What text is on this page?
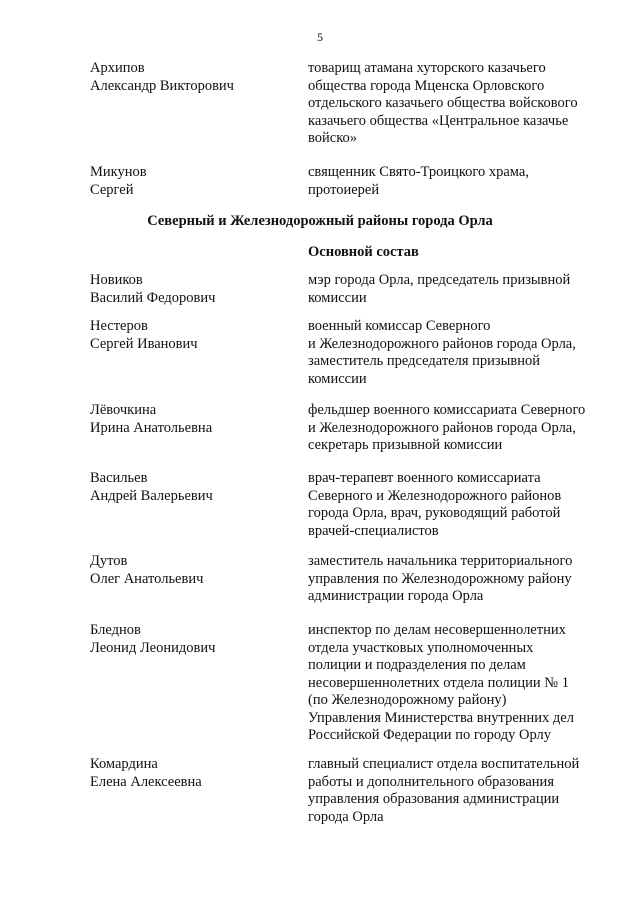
5
Архипов
Александр Викторович
товарищ атамана хуторского казачьего
общества города Мценска Орловского
отдельского казачьего общества войскового
казачьего общества «Центральное казачье
войско»
Микунов
Сергей
священник Свято-Троицкого храма,
протоиерей
Северный и Железнодорожный районы города Орла
Основной состав
Новиков
Василий Федорович
мэр города Орла, председатель призывной
комиссии
Нестеров
Сергей Иванович
военный комиссар Северного
и Железнодорожного районов города Орла,
заместитель председателя призывной
комиссии
Лёвочкина
Ирина Анатольевна
фельдшер военного комиссариата Северного
и Железнодорожного районов города Орла,
секретарь призывной комиссии
Васильев
Андрей Валерьевич
врач-терапевт военного комиссариата
Северного и Железнодорожного районов
города Орла, врач, руководящий работой
врачей-специалистов
Дутов
Олег Анатольевич
заместитель начальника территориального
управления по Железнодорожному району
администрации города Орла
Бледнов
Леонид Леонидович
инспектор по делам несовершеннолетних
отдела участковых уполномоченных
полиции и подразделения по делам
несовершеннолетних отдела полиции № 1
(по Железнодорожному району)
Управления Министерства внутренних дел
Российской Федерации по городу Орлу
Комардина
Елена Алексеевна
главный специалист отдела воспитательной
работы и дополнительного образования
управления образования администрации
города Орла
